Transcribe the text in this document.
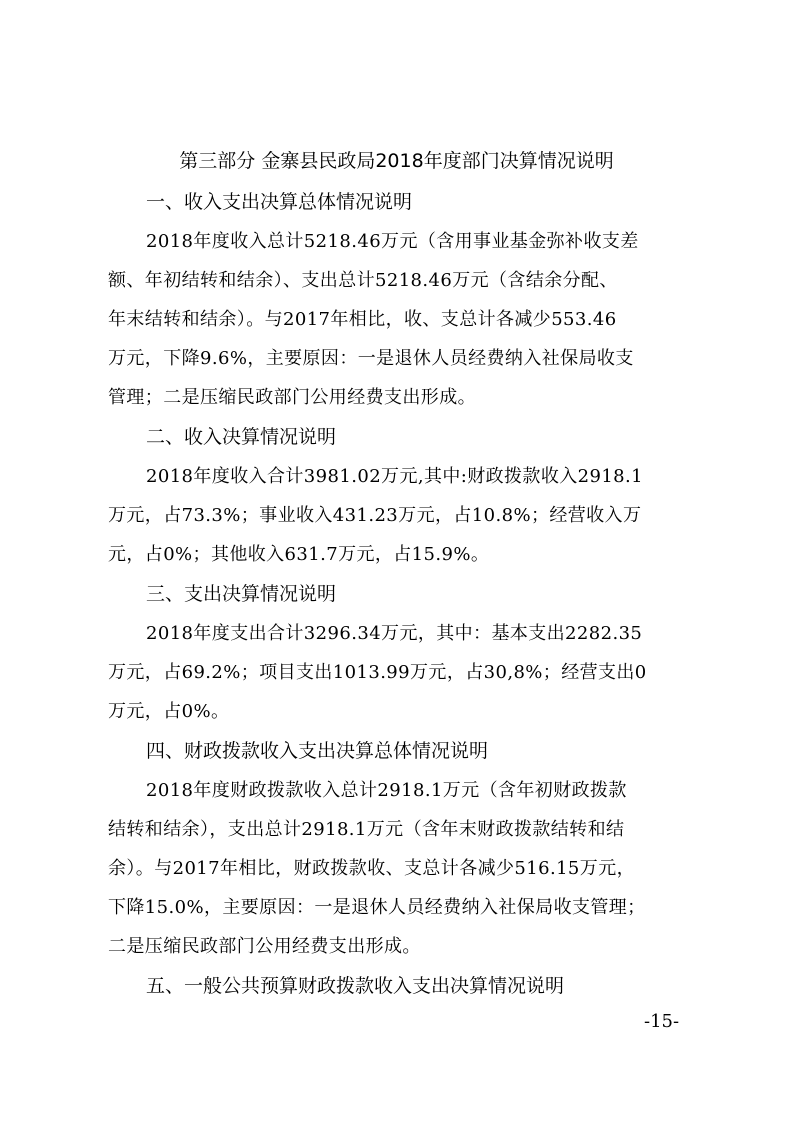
第三部分 金寨县民政局2018年度部门决算情况说明

一、收入支出决算总体情况说明

2018年度收入总计5218.46万元（含用事业基金弥补收支差
额、年初结转和结余）、支出总计5218.46万元（含结余分配、
年末结转和结余）。与2017年相比，收、支总计各减少553.46
万元，下降9.6%，主要原因：一是退休人员经费纳入社保局收支
管理；二是压缩民政部门公用经费支出形成。

二、收入决算情况说明

2018年度收入合计3981.02万元,其中:财政拨款收入2918.1
万元，占73.3%；事业收入431.23万元，占10.8%；经营收入万
元，占0%；其他收入631.7万元，占15.9%。

三、支出决算情况说明

2018年度支出合计3296.34万元，其中：基本支出2282.35
万元，占69.2%；项目支出1013.99万元，占30,8%；经营支出0
万元，占0%。

四、财政拨款收入支出决算总体情况说明

2018年度财政拨款收入总计2918.1万元（含年初财政拨款
结转和结余），支出总计2918.1万元（含年末财政拨款结转和结
余）。与2017年相比，财政拨款收、支总计各减少516.15万元，
下降15.0%，主要原因：一是退休人员经费纳入社保局收支管理；
二是压缩民政部门公用经费支出形成。

五、一般公共预算财政拨款收入支出决算情况说明

-15-
